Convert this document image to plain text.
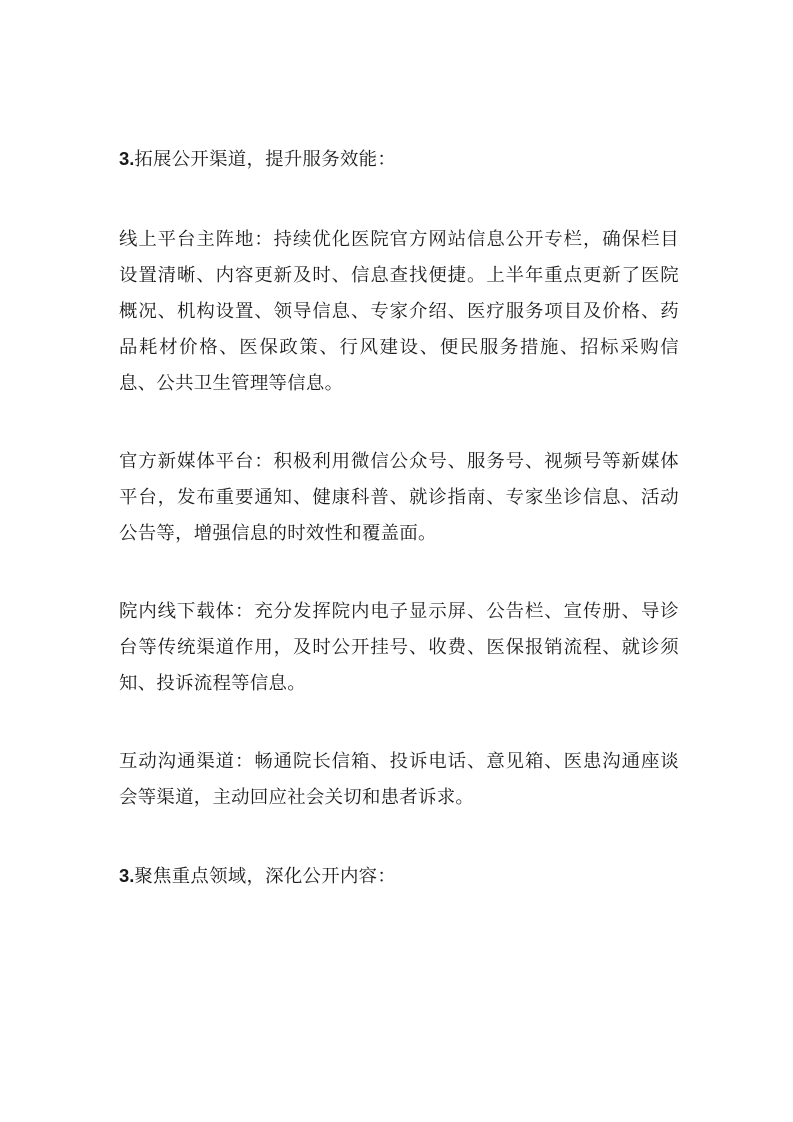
3.拓展公开渠道，提升服务效能：

线上平台主阵地：持续优化医院官方网站信息公开专栏，确保栏目设置清晰、内容更新及时、信息查找便捷。上半年重点更新了医院概况、机构设置、领导信息、专家介绍、医疗服务项目及价格、药品耗材价格、医保政策、行风建设、便民服务措施、招标采购信息、公共卫生管理等信息。

官方新媒体平台：积极利用微信公众号、服务号、视频号等新媒体平台，发布重要通知、健康科普、就诊指南、专家坐诊信息、活动公告等，增强信息的时效性和覆盖面。

院内线下载体：充分发挥院内电子显示屏、公告栏、宣传册、导诊台等传统渠道作用，及时公开挂号、收费、医保报销流程、就诊须知、投诉流程等信息。

互动沟通渠道：畅通院长信箱、投诉电话、意见箱、医患沟通座谈会等渠道，主动回应社会关切和患者诉求。

3.聚焦重点领域，深化公开内容：
